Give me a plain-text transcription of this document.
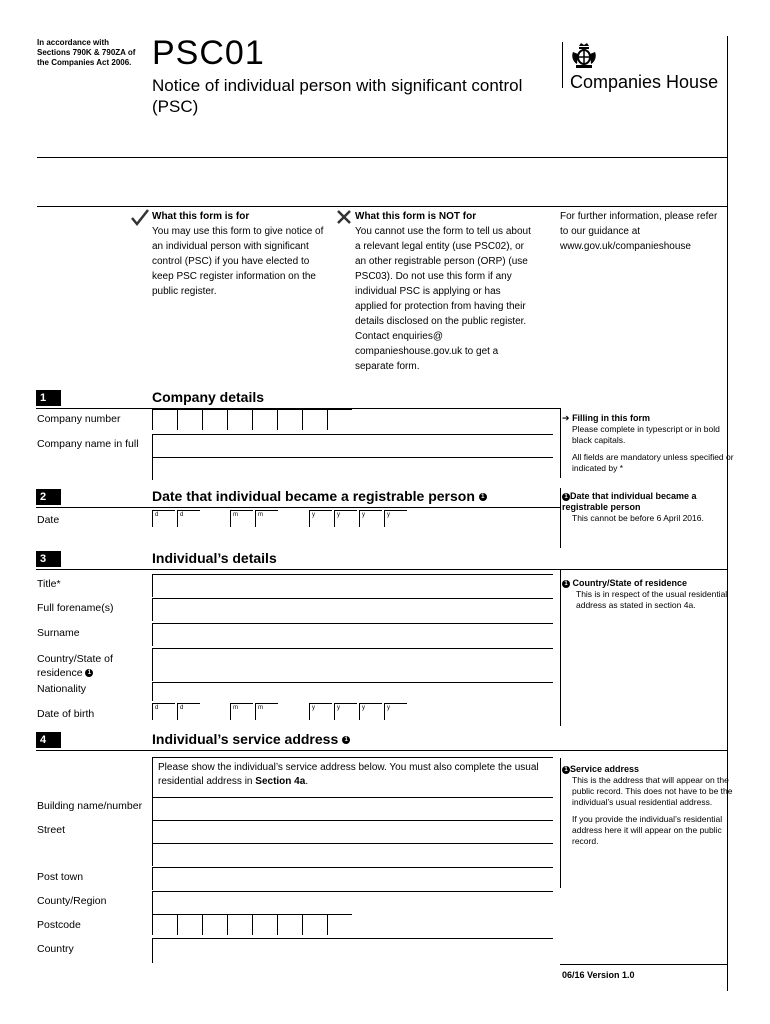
In accordance with Sections 790K & 790ZA of the Companies Act 2006. PSC01
Notice of individual person with significant control (PSC)
Companies House
What this form is for
You may use this form to give notice of an individual person with significant control (PSC) if you have elected to keep PSC register information on the public register.
What this form is NOT for
You cannot use the form to tell us about a relevant legal entity (use PSC02), or an other registrable person (ORP) (use PSC03). Do not use this form if any individual PSC is applying or has applied for protection from having their details disclosed on the public register. Contact enquiries@ companieshouse.gov.uk to get a separate form.
For further information, please refer to our guidance at www.gov.uk/companieshouse
1	Company details
Company number
Company name in full
➔ Filling in this form
Please complete in typescript or in bold black capitals.
All fields are mandatory unless specified or indicated by *
2	Date that individual became a registrable person 1
Date	d	d	m	m	y	y	y	y
1 Date that individual became a registrable person
This cannot be before 6 April 2016.
3	Individual’s details
Title*
Full forename(s)
Surname
Country/State of
residence 1
Nationality
Date of birth	d	d	m	m	y	y	y	y
1 Country/State of residence
This is in respect of the usual residential address as stated in section 4a.
4	Individual’s service address 1
Please show the individual’s service address below. You must also complete the usual residential address in Section 4a.
Building name/number
Street
Post town
County/Region
Postcode
Country
1 Service address
This is the address that will appear on the public record. This does not have to be the individual’s usual residential address.
If you provide the individual’s residential address here it will appear on the public record.
06/16 Version 1.0
